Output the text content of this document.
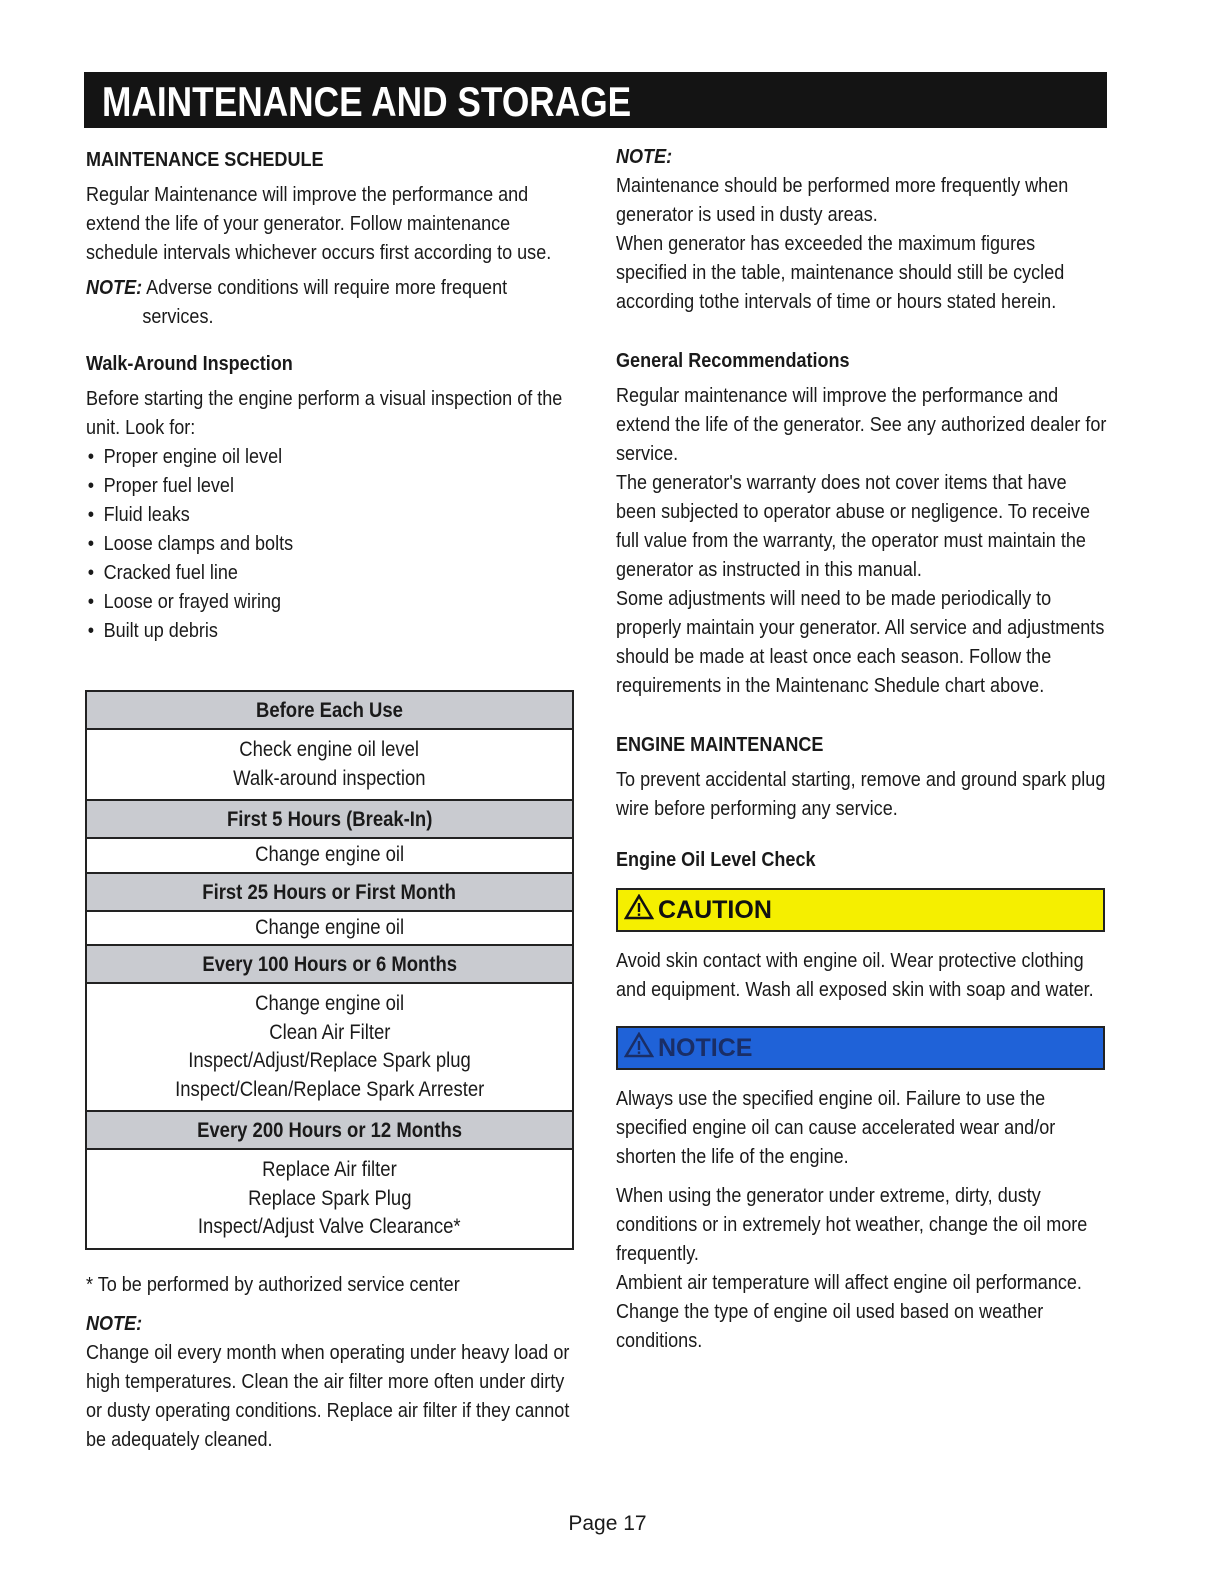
MAINTENANCE AND STORAGE

MAINTENANCE SCHEDULE

Regular Maintenance will improve the performance and extend the life of your generator. Follow maintenance schedule intervals whichever occurs first according to use.

NOTE: Adverse conditions will require more frequent

services.

Walk-Around Inspection

Before starting the engine perform a visual inspection of the unit. Look for:

• Proper engine oil level
• Proper fuel level
• Fluid leaks
• Loose clamps and bolts
• Cracked fuel line
• Loose or frayed wiring
• Built up debris
Before Each Use
Check engine oil level
Walk-around inspection
First 5 Hours (Break-In)
Change engine oil
First 25 Hours or First Month
Change engine oil
Every 100 Hours or 6 Months
Change engine oil
Clean Air Filter
Inspect/Adjust/Replace Spark plug
Inspect/Clean/Replace Spark Arrester
Every 200 Hours or 12 Months
Replace Air filter
Replace Spark Plug
Inspect/Adjust Valve Clearance*

* To be performed by authorized service center

NOTE:

Change oil every month when operating under heavy load or high temperatures. Clean the air filter more often under dirty or dusty operating conditions. Replace air filter if they cannot be adequately cleaned.

NOTE:

Maintenance should be performed more frequently when generator is used in dusty areas.

When generator has exceeded the maximum figures specified in the table, maintenance should still be cycled according tothe intervals of time or hours stated herein.

General Recommendations

Regular maintenance will improve the performance and extend the life of the generator. See any authorized dealer for service.

The generator's warranty does not cover items that have been subjected to operator abuse or negligence. To receive full value from the warranty, the operator must maintain the generator as instructed in this manual.

Some adjustments will need to be made periodically to properly maintain your generator. All service and adjustments should be made at least once each season. Follow the requirements in the Maintenanc Shedule chart above.

ENGINE MAINTENANCE

To prevent accidental starting, remove and ground spark plug wire before performing any service.

Engine Oil Level Check

CAUTION

Avoid skin contact with engine oil. Wear protective clothing and equipment. Wash all exposed skin with soap and water.

NOTICE

Always use the specified engine oil. Failure to use the specified engine oil can cause accelerated wear and/or shorten the life of the engine.

When using the generator under extreme, dirty, dusty conditions or in extremely hot weather, change the oil more frequently.

Ambient air temperature will affect engine oil performance. Change the type of engine oil used based on weather conditions.

Page 17
